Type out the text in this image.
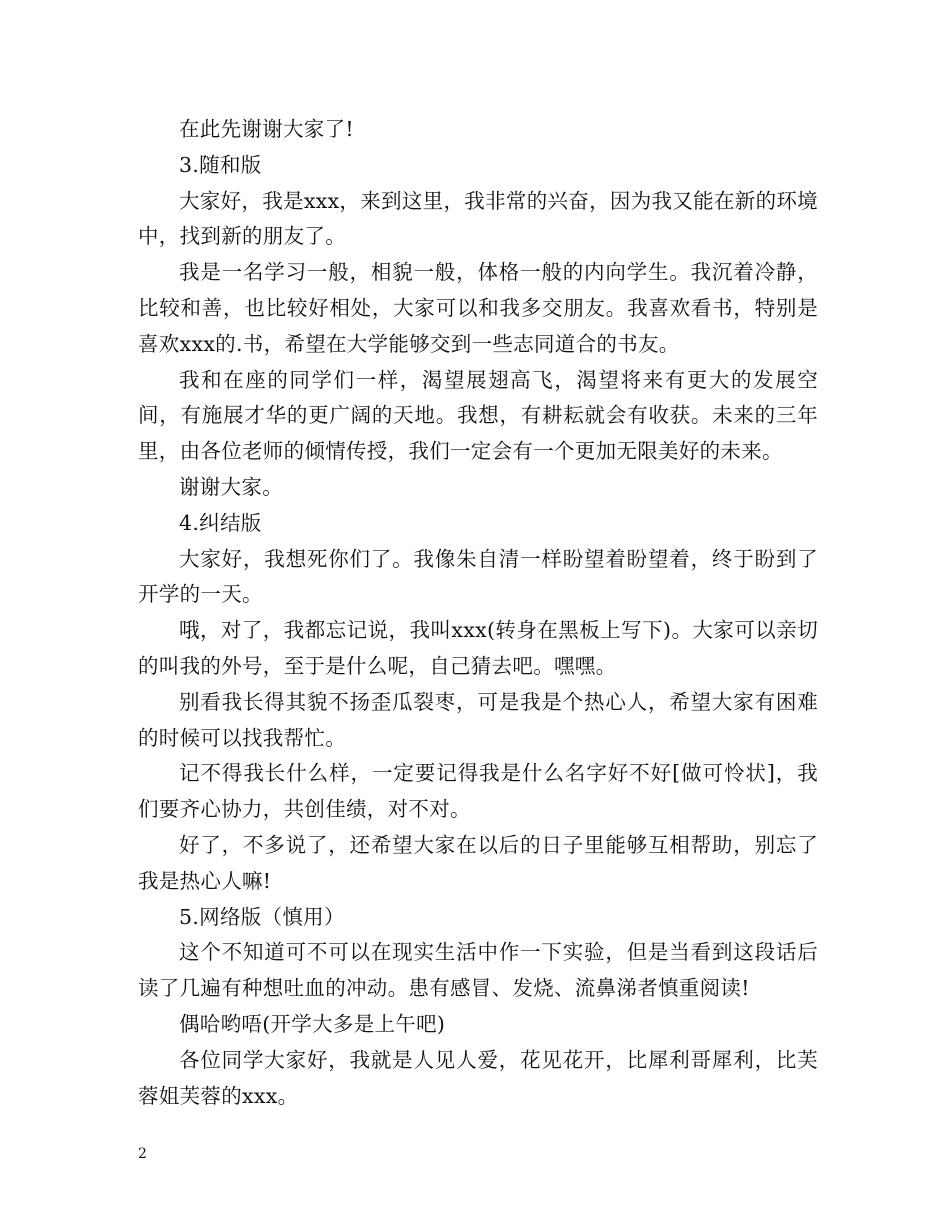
在此先谢谢大家了!

3.随和版

大家好，我是xxx，来到这里，我非常的兴奋，因为我又能在新的环境中，找到新的朋友了。

我是一名学习一般，相貌一般，体格一般的内向学生。我沉着冷静，比较和善，也比较好相处，大家可以和我多交朋友。我喜欢看书，特别是喜欢xxx的.书，希望在大学能够交到一些志同道合的书友。

我和在座的同学们一样，渴望展翅高飞，渴望将来有更大的发展空间，有施展才华的更广阔的天地。我想，有耕耘就会有收获。未来的三年里，由各位老师的倾情传授，我们一定会有一个更加无限美好的未来。

谢谢大家。

4.纠结版

大家好，我想死你们了。我像朱自清一样盼望着盼望着，终于盼到了开学的一天。

哦，对了，我都忘记说，我叫xxx(转身在黑板上写下)。大家可以亲切的叫我的外号，至于是什么呢，自己猜去吧。嘿嘿。

别看我长得其貌不扬歪瓜裂枣，可是我是个热心人，希望大家有困难的时候可以找我帮忙。

记不得我长什么样，一定要记得我是什么名字好不好[做可怜状]，我们要齐心协力，共创佳绩，对不对。

好了，不多说了，还希望大家在以后的日子里能够互相帮助，别忘了我是热心人嘛!

5.网络版（慎用）

这个不知道可不可以在现实生活中作一下实验，但是当看到这段话后读了几遍有种想吐血的冲动。患有感冒、发烧、流鼻涕者慎重阅读!

偶哈哟唔(开学大多是上午吧)

各位同学大家好，我就是人见人爱，花见花开，比犀利哥犀利，比芙蓉姐芙蓉的xxx。

2
